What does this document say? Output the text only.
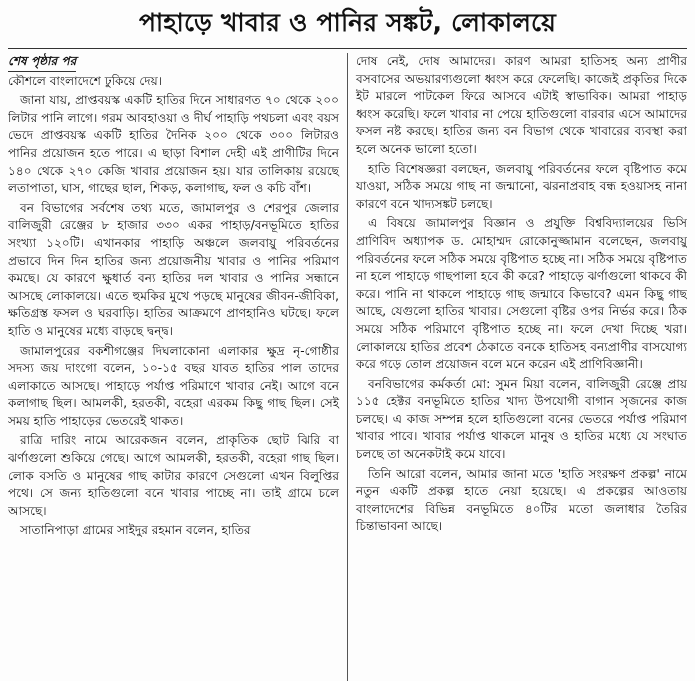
পাহাড়ে খাবার ও পানির সঙ্কট, লোকালয়ে
শেষ পৃষ্ঠার পর

কৌশলে বাংলাদেশে ঢুকিয়ে দেয়।

জানা যায়, প্রাপ্তবয়স্ক একটি হাতির দিনে সাধারণত ৭০ থেকে ২০০ লিটার পানি লাগে। গরম আবহাওয়া ও দীর্ঘ পাহাড়ি পথচলা এবং বয়স ভেদে প্রাপ্তবয়স্ক একটি হাতির দৈনিক ২০০ থেকে ৩০০ লিটারও পানির প্রয়োজন হতে পারে। এ ছাড়া বিশাল দেহী এই প্রাণীটির দিনে ১৪০ থেকে ২৭০ কেজি খাবার প্রয়োজন হয়। যার তালিকায় রয়েছে লতাপাতা, ঘাস, গাছের ছাল, শিকড়, কলাগাছ, ফল ও কচি বাঁশ।

বন বিভাগের সর্বশেষ তথ্য মতে, জামালপুর ও শেরপুর জেলার বালিজুরী রেঞ্জের ৮ হাজার ৩৩০ একর পাহাড়/বনভূমিতে হাতির সংখ্যা ১২০টি। এখানকার পাহাড়ি অঞ্চলে জলবায়ু পরিবর্তনের প্রভাবে দিন দিন হাতির জন্য প্রয়োজনীয় খাবার ও পানির পরিমাণ কমছে। যে কারণে ক্ষুধার্ত বন্য হাতির দল খাবার ও পানির সন্ধানে আসছে লোকালয়ে। এতে হুমকির মুখে পড়ছে মানুষের জীবন-জীবিকা, ক্ষতিগ্রস্ত ফসল ও ঘরবাড়ি। হাতির আক্রমণে প্রাণহানিও ঘটছে। ফলে হাতি ও মানুষের মধ্যে বাড়ছে দ্বন্দ্ব।

জামালপুরের বকশীগঞ্জের দিঘলাকোনা এলাকার ক্ষুদ্র নৃ-গোষ্ঠীর সদস্য জয় দাংগো বলেন, ১০-১৫ বছর যাবত হাতির পাল তাদের এলাকাতে আসছে। পাহাড়ে পর্যাপ্ত পরিমাণে খাবার নেই। আগে বনে কলাগাছ ছিল। আমলকী, হরতকী, বহেরা এরকম কিছু গাছ ছিল। সেই সময় হাতি পাহাড়ের ভেতরেই থাকত।

রাত্রি দারিং নামে আরেকজন বলেন, প্রাকৃতিক ছোট ঝিরি বা ঝর্ণাগুলো শুকিয়ে গেছে। আগে আমলকী, হরতকী, বহেরা গাছ ছিল। লোক বসতি ও মানুষের গাছ কাটার কারণে সেগুলো এখন বিলুপ্তির পথে। সে জন্য হাতিগুলো বনে খাবার পাচ্ছে না। তাই গ্রামে চলে আসছে।

সাতানিপাড়া গ্রামের সাইদুর রহমান বলেন, হাতির

দোষ নেই, দোষ আমাদের। কারণ আমরা হাতিসহ অন্য প্রাণীর বসবাসের অভয়ারণ্যগুলো ধ্বংস করে ফেলেছি। কাজেই প্রকৃতির দিকে ইট মারলে পাটকেল ফিরে আসবে এটাই স্বাভাবিক। আমরা পাহাড় ধ্বংস করেছি। ফলে খাবার না পেয়ে হাতিগুলো বারবার এসে আমাদের ফসল নষ্ট করছে। হাতির জন্য বন বিভাগ থেকে খাবারের ব্যবস্থা করা হলে অনেক ভালো হতো।

হাতি বিশেষজ্ঞরা বলছেন, জলবায়ু পরিবর্তনের ফলে বৃষ্টিপাত কমে যাওয়া, সঠিক সময়ে গাছ না জন্মানো, ঝরনাপ্রবাহ বন্ধ হওয়াসহ নানা কারণে বনে খাদ্যসঙ্কট চলছে।

এ বিষয়ে জামালপুর বিজ্ঞান ও প্রযুক্তি বিশ্ববিদ্যালয়ের ভিসি প্রাণিবিদ অধ্যাপক ড. মোহাম্মদ রোকোনুজ্জামান বলেছেন, জলবায়ু পরিবর্তনের ফলে সঠিক সময়ে বৃষ্টিপাত হচ্ছে না। সঠিক সময়ে বৃষ্টিপাত না হলে পাহাড়ে গাছপালা হবে কী করে? পাহাড়ে ঝর্ণাগুলো থাকবে কী করে। পানি না থাকলে পাহাড়ে গাছ জন্মাবে কিভাবে? এমন কিছু গাছ আছে, যেগুলো হাতির খাবার। সেগুলো বৃষ্টির ওপর নির্ভর করে। ঠিক সময়ে সঠিক পরিমাণে বৃষ্টিপাত হচ্ছে না। ফলে দেখা দিচ্ছে খরা। লোকালয়ে হাতির প্রবেশ ঠেকাতে বনকে হাতিসহ বন্যপ্রাণীর বাসযোগ্য করে গড়ে তোল প্রয়োজন বলে মনে করেন এই প্রাণিবিজ্ঞানী।

বনবিভাগের কর্মকর্তা মো: সুমন মিয়া বলেন, বালিজুরী রেঞ্জে প্রায় ১১৫ হেক্টর বনভূমিতে হাতির খাদ্য উপযোগী বাগান সৃজনের কাজ চলছে। এ কাজ সম্পন্ন হলে হাতিগুলো বনের ভেতরে পর্যাপ্ত পরিমাণ খাবার পাবে। খাবার পর্যাপ্ত থাকলে মানুষ ও হাতির মধ্যে যে সংঘাত চলছে তা অনেকটাই কমে যাবে।

তিনি আরো বলেন, আমার জানা মতে 'হাতি সংরক্ষণ প্রকল্প' নামে নতুন একটি প্রকল্প হাতে নেয়া হয়েছে। এ প্রকল্পের আওতায় বাংলাদেশের বিভিন্ন বনভূমিতে ৪০টির মতো জলাধার তৈরির চিন্তাভাবনা আছে।
